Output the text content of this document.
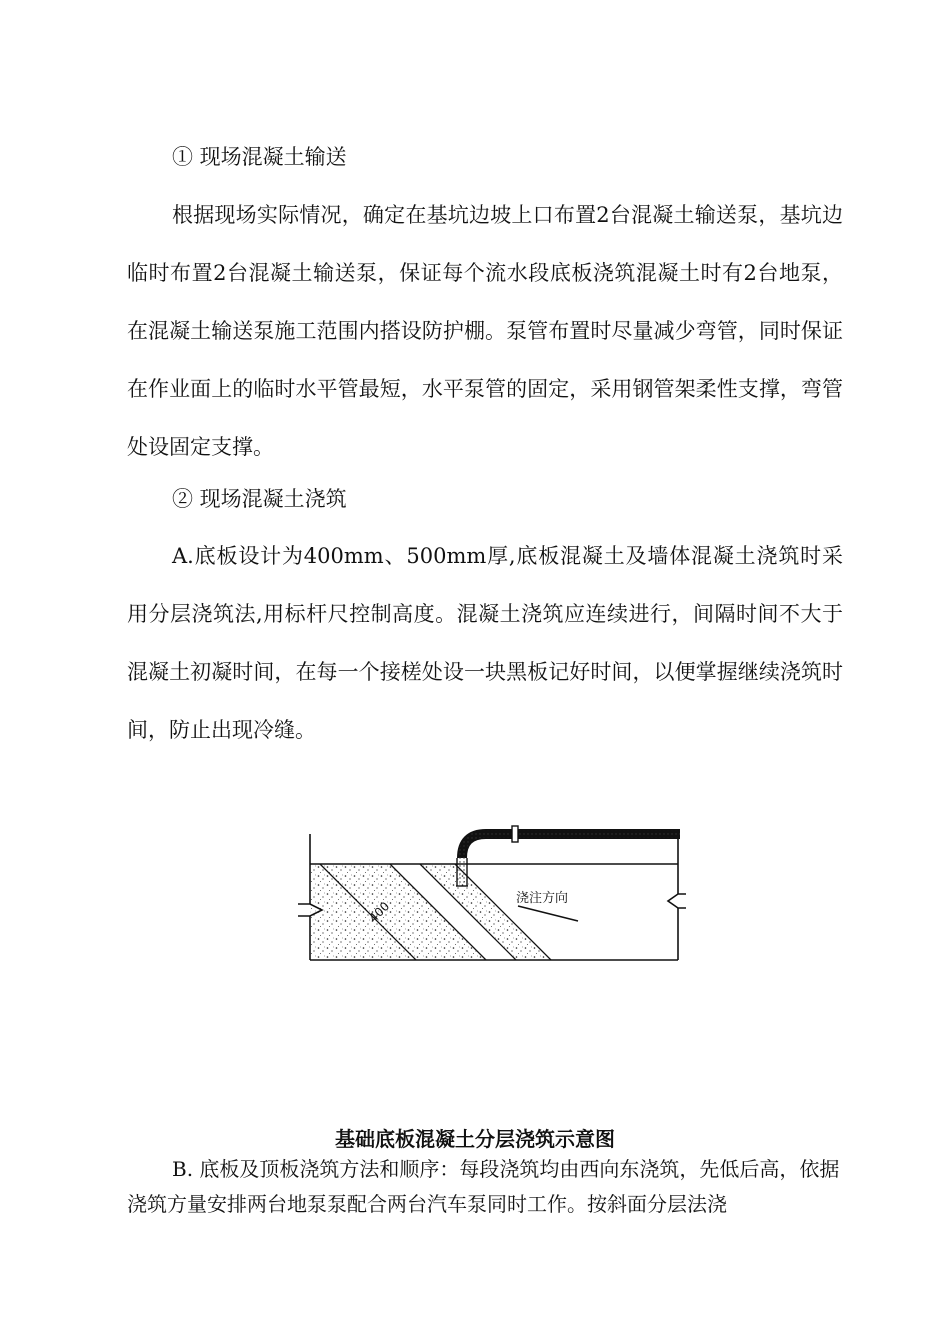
① 现场混凝土输送

根据现场实际情况，确定在基坑边坡上口布置2台混凝土输送泵，基坑边临时布置2台混凝土输送泵，保证每个流水段底板浇筑混凝土时有2台地泵，在混凝土输送泵施工范围内搭设防护棚。泵管布置时尽量减少弯管，同时保证在作业面上的临时水平管最短，水平泵管的固定，采用钢管架柔性支撑，弯管处设固定支撑。

② 现场混凝土浇筑

A.底板设计为400mm、500mm厚,底板混凝土及墙体混凝土浇筑时采用分层浇筑法,用标杆尺控制高度。混凝土浇筑应连续进行，间隔时间不大于混凝土初凝时间，在每一个接槎处设一块黑板记好时间，以便掌握继续浇筑时间，防止出现冷缝。

浇注方向
400
基础底板混凝土分层浇筑示意图

B. 底板及顶板浇筑方法和顺序：每段浇筑均由西向东浇筑，先低后高，依据浇筑方量安排两台地泵泵配合两台汽车泵同时工作。按斜面分层法浇
